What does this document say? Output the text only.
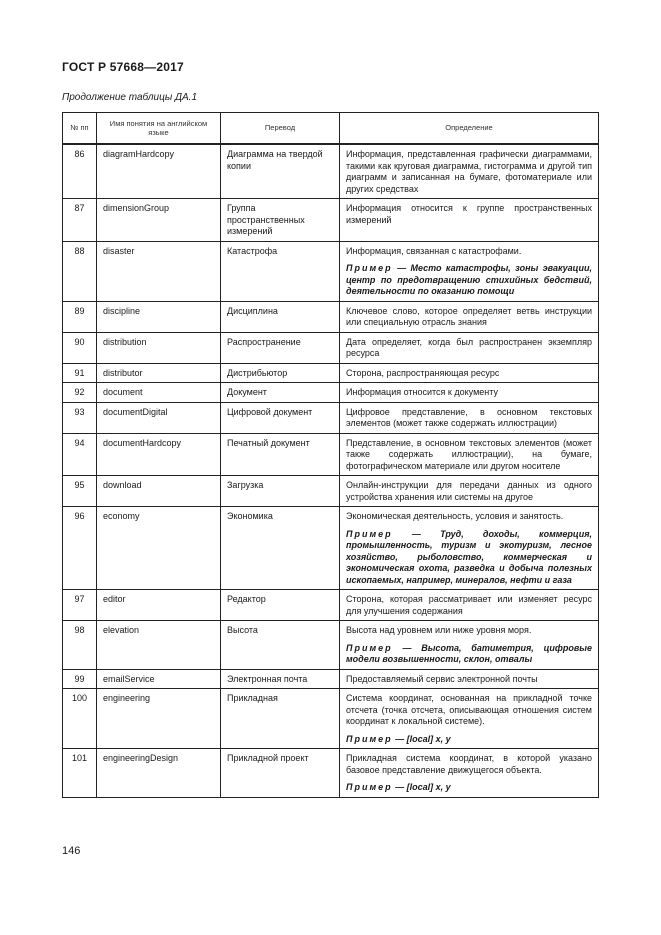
ГОСТ Р 57668—2017
Продолжение таблицы ДА.1
№ пп	Имя понятия на английском языке	Перевод	Определение
86	diagramHardcopy	Диаграмма на твердой копии	Информация, представленная графически диаграммами, такими как круговая диаграмма, гистограмма и другой тип диаграмм и записанная на бумаге, фотоматериале или других средствах

87	dimensionGroup	Группа пространственных измерений	Информация относится к группе пространственных измерений

88	disaster	Катастрофа	Информация, связанная с катастрофами.
Пример — Место катастрофы, зоны эвакуации, центр по предотвращению стихийных бедствий, деятельности по оказанию помощи

89	discipline	Дисциплина	Ключевое слово, которое определяет ветвь инструкции или специальную отрасль знания

90	distribution	Распространение	Дата определяет, когда был распространен экземпляр ресурса

91	distributor	Дистрибьютор	Сторона, распространяющая ресурс

92	document	Документ	Информация относится к документу

93	documentDigital	Цифровой документ	Цифровое представление, в основном текстовых элементов (может также содержать иллюстрации)

94	documentHardcopy	Печатный документ	Представление, в основном текстовых элементов (может также содержать иллюстрации), на бумаге, фотографическом материале или другом носителе

95	download	Загрузка	Онлайн-инструкции для передачи данных из одного устройства хранения или системы на другое

96	economy	Экономика	Экономическая деятельность, условия и занятость.
Пример — Труд, доходы, коммерция, промышленность, туризм и экотуризм, лесное хозяйство, рыболовство, коммерческая и экономическая охота, разведка и добыча полезных ископаемых, например, минералов, нефти и газа

97	editor	Редактор	Сторона, которая рассматривает или изменяет ресурс для улучшения содержания

98	elevation	Высота	Высота над уровнем или ниже уровня моря.
Пример — Высота, батиметрия, цифровые модели возвышенности, склон, отвалы

99	emailService	Электронная почта	Предоставляемый сервис электронной почты

100	engineering	Прикладная	Система координат, основанная на прикладной точке отсчета (точка отсчета, описывающая отношения систем координат к локальной системе).
Пример — [local] x, y

101	engineeringDesign	Прикладной проект	Прикладная система координат, в которой указано базовое представление движущегося объекта.
Пример — [local] x, y
146
